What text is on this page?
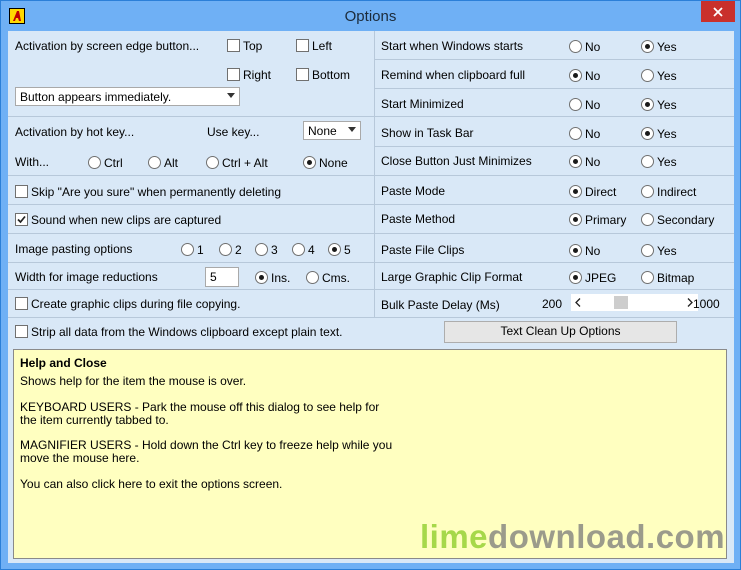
Options
Activation by screen edge button...	Top	Left
Right	Bottom
Button appears immediately.
Activation by hot key...	Use key...	None
With...	Ctrl	Alt	Ctrl + Alt	None
Skip "Are you sure" when permanently deleting
Sound when new clips are captured
Image pasting options	1	2 3	4 5
Width for image reductions	5	Ins.	Cms.
Create graphic clips during file copying.
Strip all data from the Windows clipboard except plain text.
Bulk Paste Delay (Ms)	200	1000
Text Clean Up Options
Help and Close
Shows help for the item the mouse is over.
KEYBOARD USERS - Park the mouse off this dialog to see help for
the item currently tabbed to.
MAGNIFIER USERS - Hold down the Ctrl key to freeze help while you
move the mouse here.
You can also click here to exit the options screen.
Start when Windows starts	No	Yes
Remind when clipboard full	No	Yes
Start Minimized	No	Yes
Show in Task Bar	No	Yes
Close Button Just Minimizes	No	Yes
Paste Mode	Direct	Indirect
Paste Method	Primary	Secondary
Paste File Clips	No	Yes
Large Graphic Clip Format	JPEG	Bitmap
limedownload.com
